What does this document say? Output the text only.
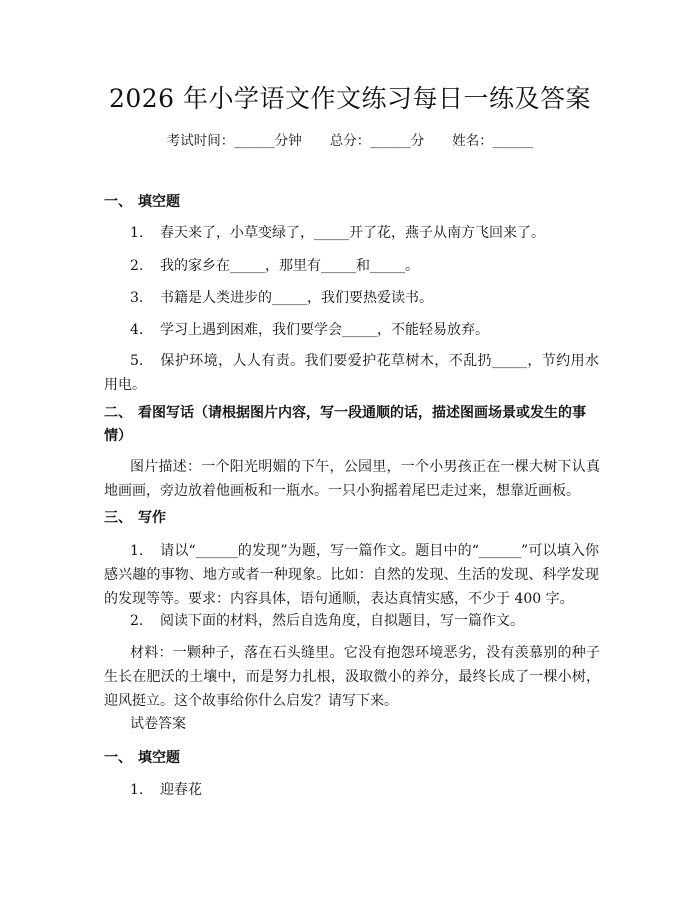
2026 年小学语文作文练习每日一练及答案
考试时间：______分钟 总分：______分 姓名：______
一、 填空题
1. 春天来了，小草变绿了，_____开了花，燕子从南方飞回来了。
2. 我的家乡在_____，那里有_____和_____。
3. 书籍是人类进步的_____，我们要热爱读书。
4. 学习上遇到困难，我们要学会_____，不能轻易放弃。
5. 保护环境，人人有责。我们要爱护花草树木，不乱扔_____，节约用水用电。
二、 看图写话（请根据图片内容，写一段通顺的话，描述图画场景或发生的事情）
图片描述：一个阳光明媚的下午，公园里，一个小男孩正在一棵大树下认真地画画，旁边放着他画板和一瓶水。一只小狗摇着尾巴走过来，想靠近画板。
三、 写作
1. 请以“______的发现”为题，写一篇作文。题目中的“______”可以填入你感兴趣的事物、地方或者一种现象。比如：自然的发现、生活的发现、科学发现的发现等等。要求：内容具体，语句通顺，表达真情实感，不少于 400 字。
2. 阅读下面的材料，然后自选角度，自拟题目，写一篇作文。
材料：一颗种子，落在石头缝里。它没有抱怨环境恶劣，没有羡慕别的种子生长在肥沃的土壤中，而是努力扎根，汲取微小的养分，最终长成了一棵小树，迎风挺立。这个故事给你什么启发？请写下来。
试卷答案
一、 填空题
1. 迎春花
